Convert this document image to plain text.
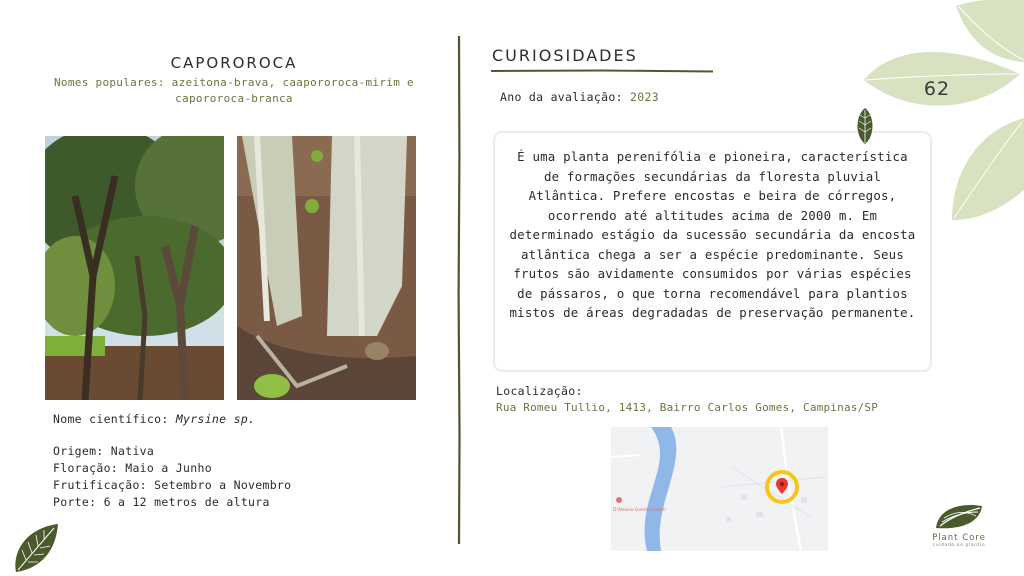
CAPOROROCA
Nomes populares: azeitona-brava, caapororoca-mirim e capororoca-branca
Nome científico: Myrsine sp.
Origem: Nativa
Floração: Maio a Junho
Frutificação: Setembro a Novembro
Porte: 6 a 12 metros de altura
CURIOSIDADES
Ano da avaliação: 2023

É uma planta perenifólia e pioneira, característica de formações secundárias da floresta pluvial Atlântica. Prefere encostas e beira de córregos, ocorrendo até altitudes acima de 2000 m. Em determinado estágio da sucessão secundária da encosta atlântica chega a ser a espécie predominante. Seus frutos são avidamente consumidos por várias espécies de pássaros, o que torna recomendável para plantios mistos de áreas degradadas de preservação permanente.

Localização:
Rua Romeu Tullio, 1413, Bairro Carlos Gomes, Campinas/SP
D'Alessio Geletti Lucchi
62
Plant Core
cuidado ao plantio
